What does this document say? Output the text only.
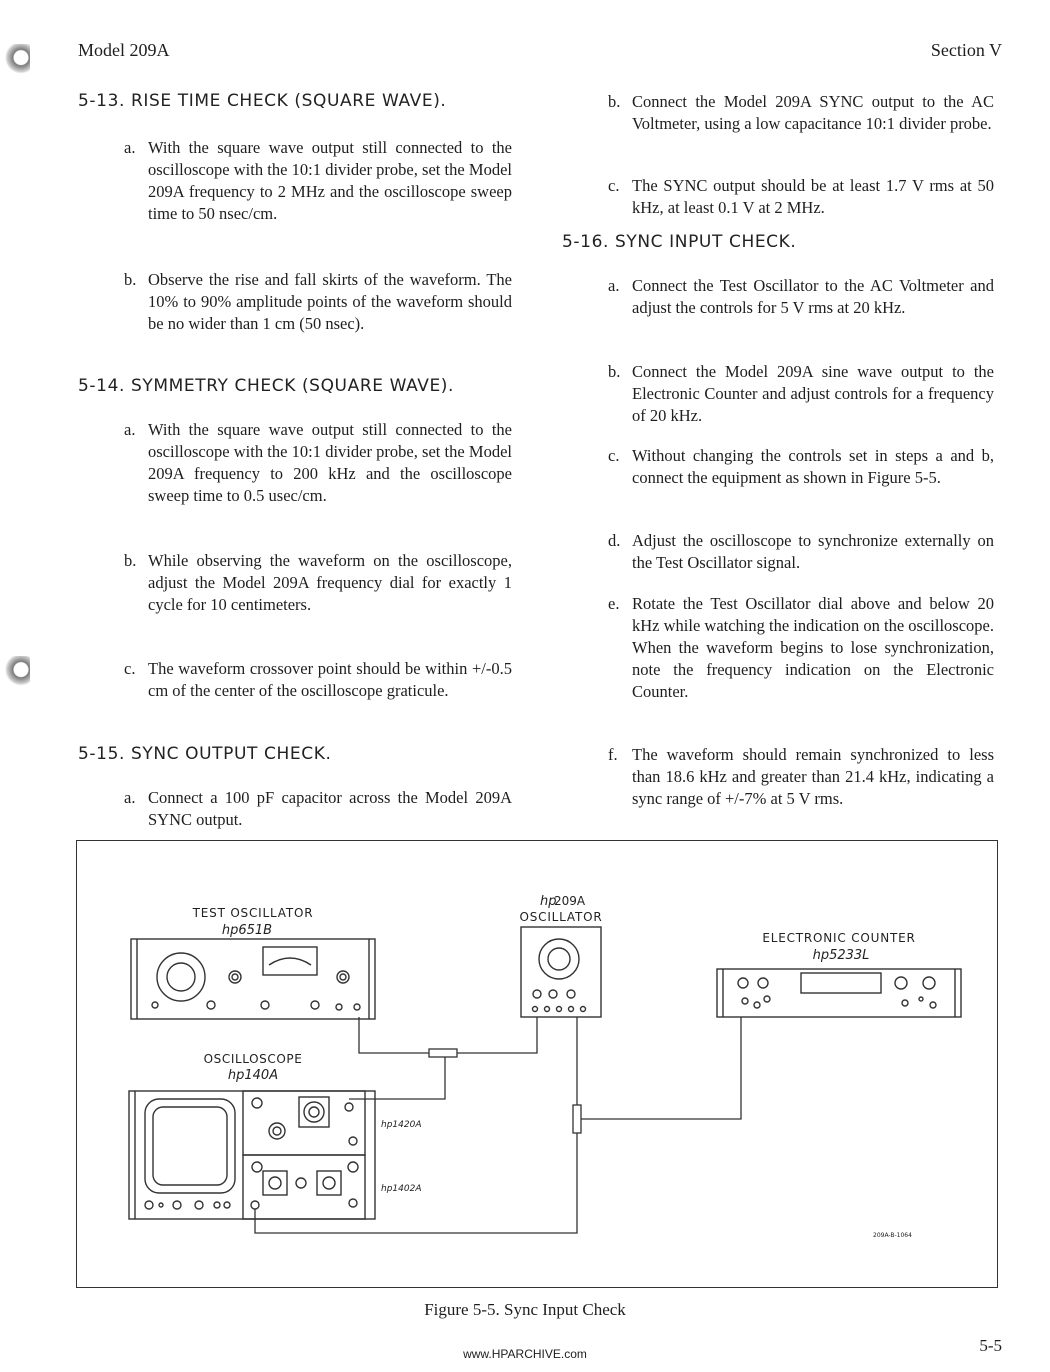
Model 209A	Section V
5-13. RISE TIME CHECK (SQUARE WAVE).
a. With the square wave output still connected to the oscilloscope with the 10:1 divider probe, set the Model 209A frequency to 2 MHz and the oscilloscope sweep time to 50 nsec/cm.
b. Observe the rise and fall skirts of the waveform. The 10% to 90% amplitude points of the waveform should be no wider than 1 cm (50 nsec).
5-14. SYMMETRY CHECK (SQUARE WAVE).
a. With the square wave output still connected to the oscilloscope with the 10:1 divider probe, set the Model 209A frequency to 200 kHz and the oscilloscope sweep time to 0.5 usec/cm.
b. While observing the waveform on the oscilloscope, adjust the Model 209A frequency dial for exactly 1 cycle for 10 centimeters.
c. The waveform crossover point should be within +/-0.5 cm of the center of the oscilloscope graticule.
5-15. SYNC OUTPUT CHECK.
a. Connect a 100 pF capacitor across the Model 209A SYNC output.
b. Connect the Model 209A SYNC output to the AC Voltmeter, using a low capacitance 10:1 divider probe.
c. The SYNC output should be at least 1.7 V rms at 50 kHz, at least 0.1 V at 2 MHz.
5-16. SYNC INPUT CHECK.
a. Connect the Test Oscillator to the AC Voltmeter and adjust the controls for 5 V rms at 20 kHz.
b. Connect the Model 209A sine wave output to the Electronic Counter and adjust controls for a frequency of 20 kHz.
c. Without changing the controls set in steps a and b, connect the equipment as shown in Figure 5-5.
d. Adjust the oscilloscope to synchronize externally on the Test Oscillator signal.
e. Rotate the Test Oscillator dial above and below 20 kHz while watching the indication on the oscilloscope. When the waveform begins to lose synchronization, note the frequency indication on the Electronic Counter.
f. The waveform should remain synchronized to less than 18.6 kHz and greater than 21.4 kHz, indicating a sync range of +/-7% at 5 V rms.
TEST OSCILLATOR
hp651B
hp
209A
OSCILLATOR
ELECTRONIC COUNTER
hp5233L
OSCILLOSCOPE
hp140A
hp1420A
hp1402A
209A-B-1064
Figure 5-5. Sync Input Check
5-5
www.HPARCHIVE.com
